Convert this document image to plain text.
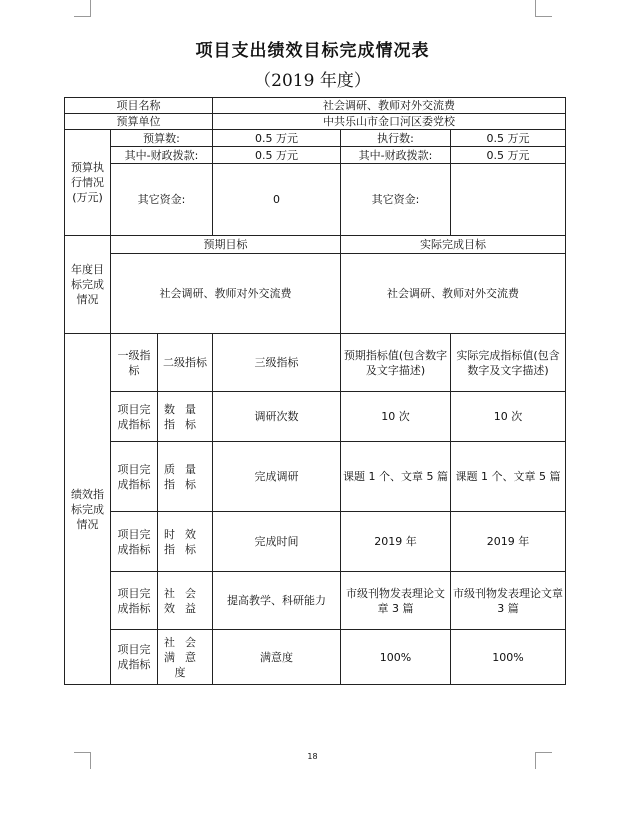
项目支出绩效目标完成情况表
（2019 年度）
项目名称			社会调研、教师对外交流费		
预算单位			中共乐山市金口河区委党校		
预算执行情况(万元)	预算数:		0.5 万元	执行数:	0.5 万元
	其中-财政拨款:		0.5 万元	其中-财政拨款:	0.5 万元
	其它资金:		0	其它资金:	
年度目标完成情况	预期目标			实际完成目标	
	社会调研、教师对外交流费			社会调研、教师对外交流费	
绩效指标完成情况	一级指标	二级指标	三级指标	预期指标值(包含数字及文字描述)	实际完成指标值(包含数字及文字描述)
	项目完成指标	数量指标	调研次数	10 次	10 次
	项目完成指标	质量指标	完成调研	课题 1 个、文章 5 篇	课题 1 个、文章 5 篇
	项目完成指标	时效指标	完成时间	2019 年	2019 年
	项目完成指标	社会效益	提高教学、科研能力	市级刊物发表理论文章 3 篇	市级刊物发表理论文章 3 篇
	项目完成指标	社会满意度	满意度	100%	100%
18
